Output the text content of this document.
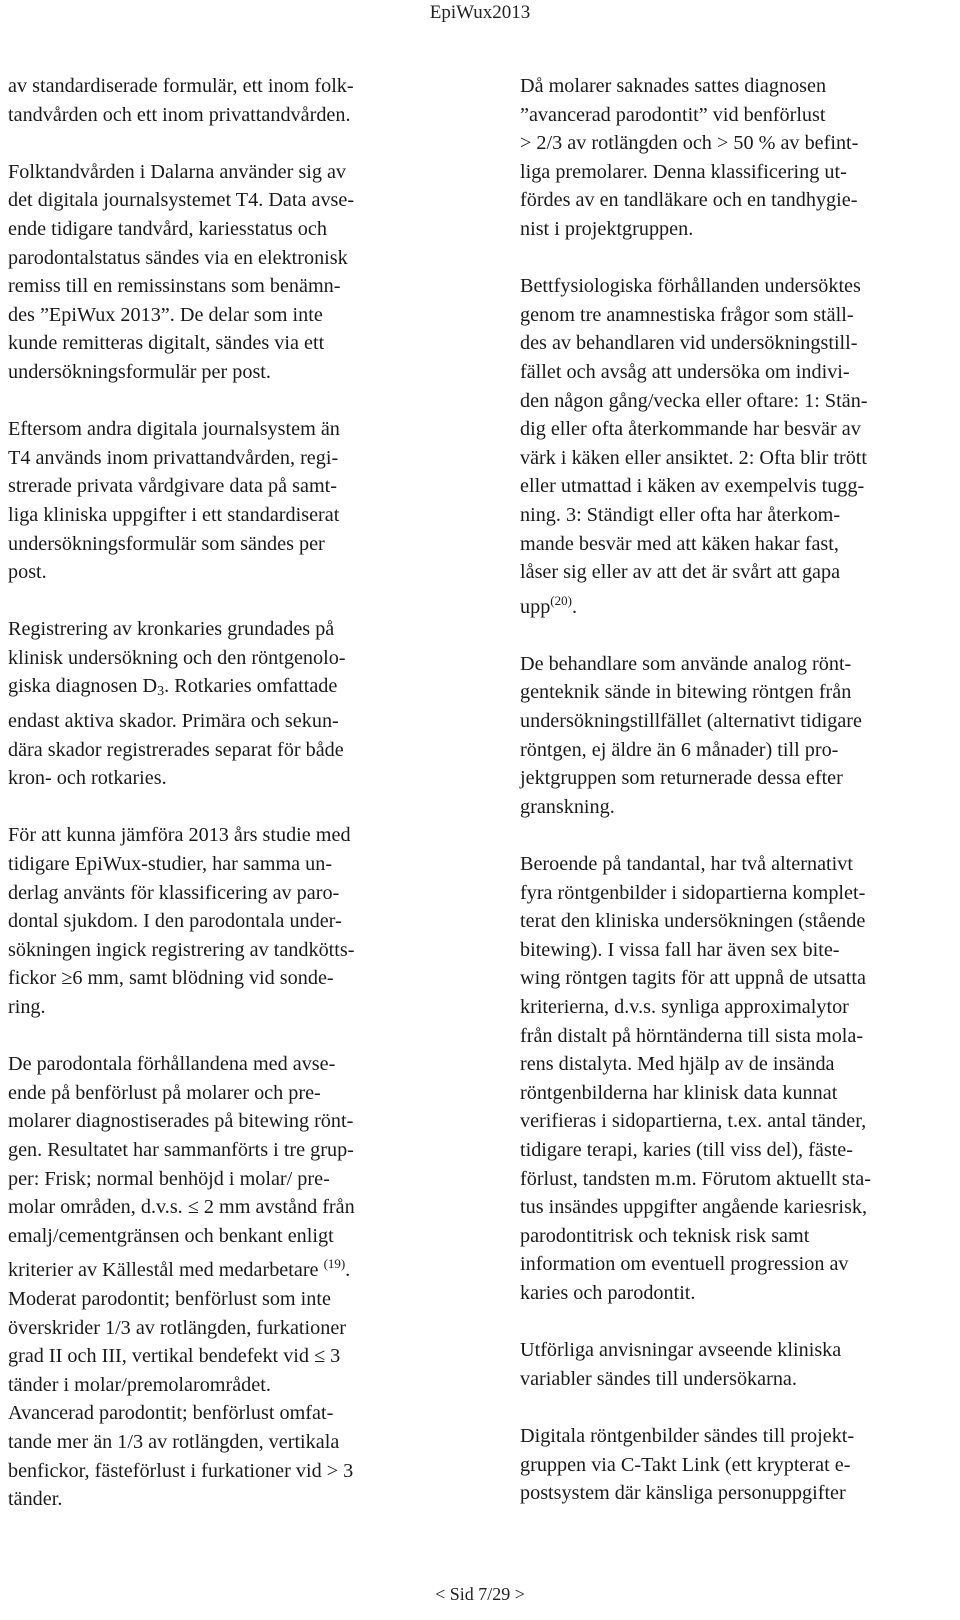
EpiWux2013
av standardiserade formulär, ett inom folk-
tandvården och ett inom privattandvården.
Folktandvården i Dalarna använder sig av
det digitala journalsystemet T4. Data avse-
ende tidigare tandvård, kariesstatus och
parodontalstatus sändes via en elektronisk
remiss till en remissinstans som benämn-
des ”EpiWux 2013”. De delar som inte
kunde remitteras digitalt, sändes via ett
undersökningsformulär per post.
Eftersom andra digitala journalsystem än
T4 används inom privattandvården, regi-
strerade privata vårdgivare data på samt-
liga kliniska uppgifter i ett standardiserat
undersökningsformulär som sändes per
post.
Registrering av kronkaries grundades på
klinisk undersökning och den röntgenolo-
giska diagnosen $D_3$. Rotkaries omfattade
endast aktiva skador. Primära och sekun-
dära skador registrerades separat för både
kron- och rotkaries.
För att kunna jämföra 2013 års studie med
tidigare EpiWux-studier, har samma un-
derlag använts för klassificering av paro-
dontal sjukdom. I den parodontala under-
sökningen ingick registrering av tandkötts-
fickor ≥6 mm, samt blödning vid sonde-
ring.
De parodontala förhållandena med avse-
ende på benförlust på molarer och pre-
molarer diagnostiserades på bitewing rönt-
gen. Resultatet har sammanförts i tre grup-
per: Frisk; normal benhöjd i molar/ pre-
molar områden, d.v.s. ≤ 2 mm avstånd från
emalj/cementgränsen och benkant enligt
kriterier av Källestål med medarbetare $^{(19)}$.
Moderat parodontit; benförlust som inte
överskrider 1/3 av rotlängden, furkationer
grad II och III, vertikal bendefekt vid ≤ 3
tänder i molar/premolarområdet.
Avancerad parodontit; benförlust omfat-
tande mer än 1/3 av rotlängden, vertikala
benfickor, fästeförlust i furkationer vid > 3
tänder.
Då molarer saknades sattes diagnosen
”avancerad parodontit” vid benförlust
> 2/3 av rotlängden och > 50 % av befint-
liga premolarer. Denna klassificering ut-
fördes av en tandläkare och en tandhygie-
nist i projektgruppen.
Bettfysiologiska förhållanden undersöktes
genom tre anamnestiska frågor som ställ-
des av behandlaren vid undersökningstill-
fället och avsåg att undersöka om indivi-
den någon gång/vecka eller oftare: 1: Stän-
dig eller ofta återkommande har besvär av
värk i käken eller ansiktet. 2: Ofta blir trött
eller utmattad i käken av exempelvis tugg-
ning. 3: Ständigt eller ofta har återkom-
mande besvär med att käken hakar fast,
låser sig eller av att det är svårt att gapa
upp$^{(20)}$.
De behandlare som använde analog rönt-
genteknik sände in bitewing röntgen från
undersökningstillfället (alternativt tidigare
röntgen, ej äldre än 6 månader) till pro-
jektgruppen som returnerade dessa efter
granskning.
Beroende på tandantal, har två alternativt
fyra röntgenbilder i sidopartierna komplet-
terat den kliniska undersökningen (stående
bitewing). I vissa fall har även sex bite-
wing röntgen tagits för att uppnå de utsatta
kriterierna, d.v.s. synliga approximalytor
från distalt på hörntänderna till sista mola-
rens distalyta. Med hjälp av de insända
röntgenbilderna har klinisk data kunnat
verifieras i sidopartierna, t.ex. antal tänder,
tidigare terapi, karies (till viss del), fäste-
förlust, tandsten m.m. Förutom aktuellt sta-
tus insändes uppgifter angående kariesrisk,
parodontitrisk och teknisk risk samt
information om eventuell progression av
karies och parodontit.
Utförliga anvisningar avseende kliniska
variabler sändes till undersökarna.
Digitala röntgenbilder sändes till projekt-
gruppen via C-Takt Link (ett krypterat e-
postsystem där känsliga personuppgifter
< Sid 7/29 >
